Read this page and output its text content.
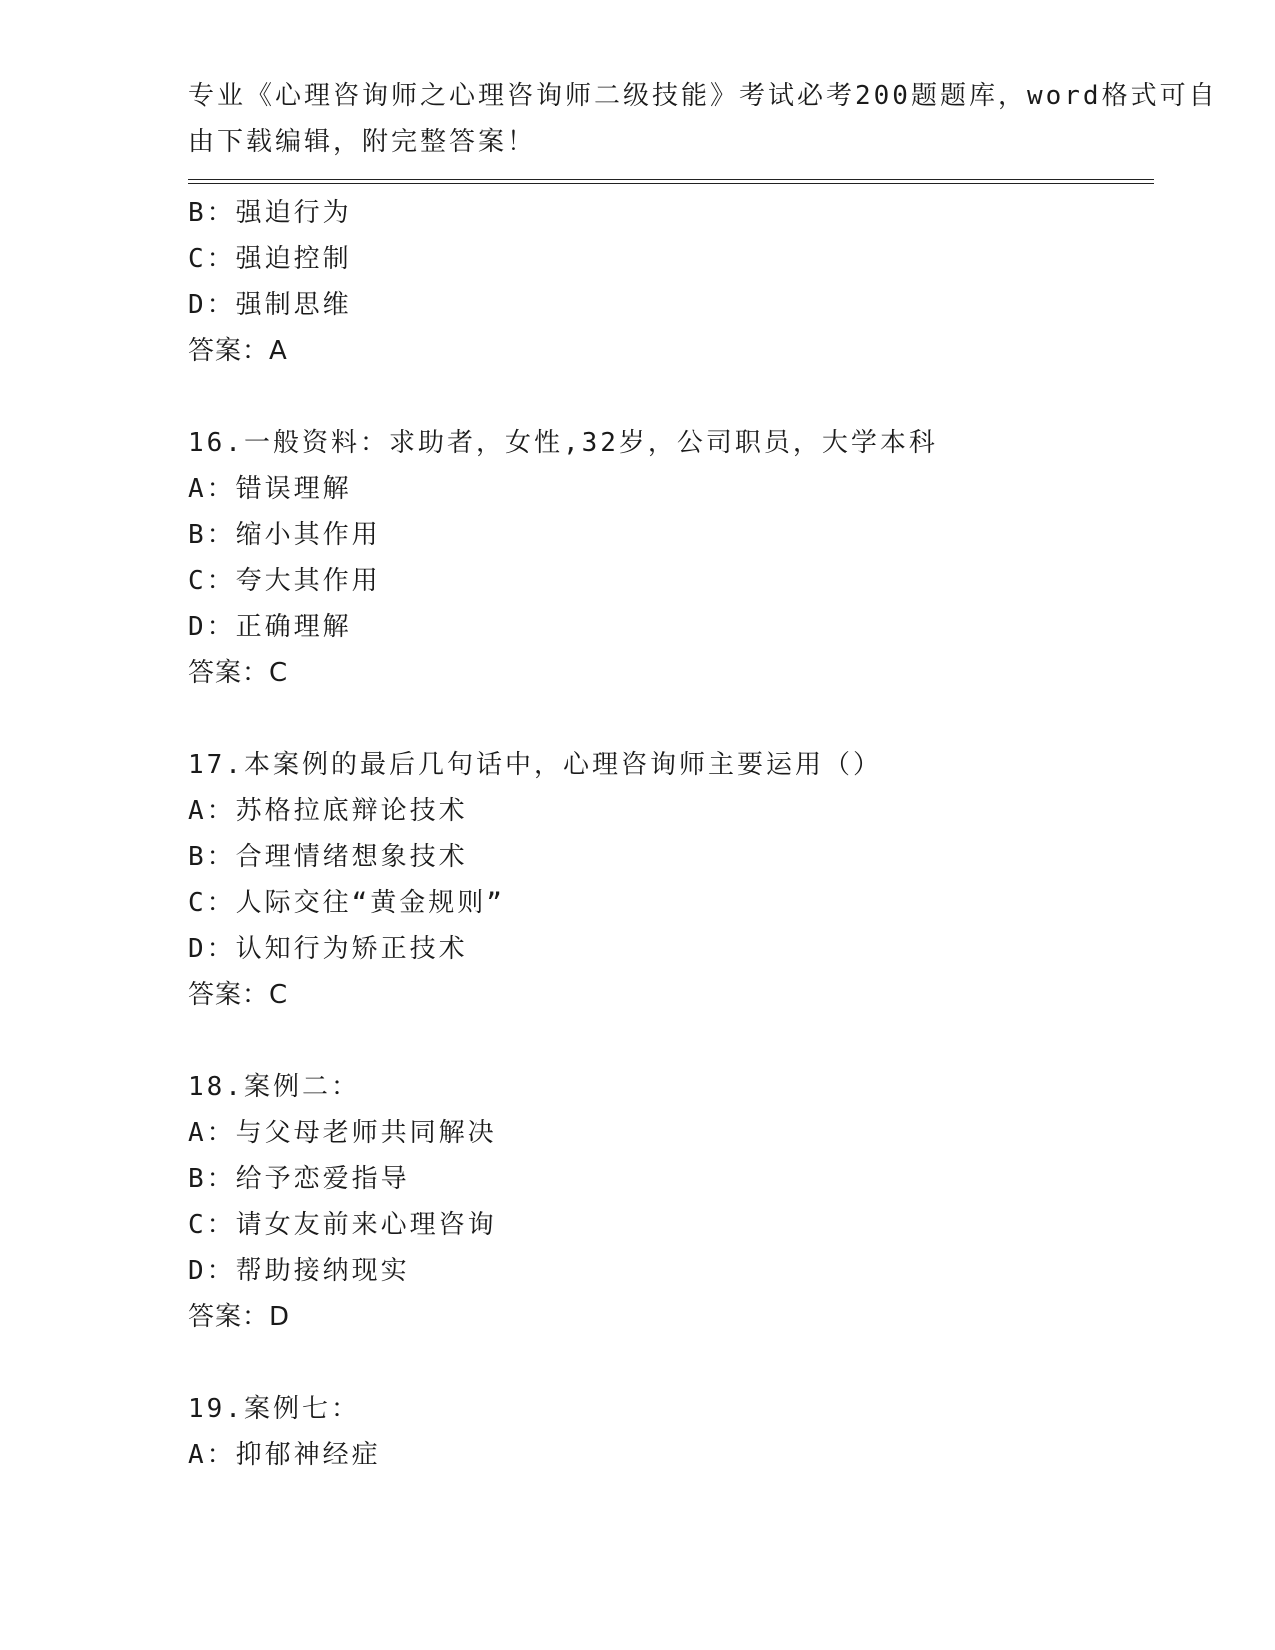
专业《心理咨询师之心理咨询师二级技能》考试必考200题题库，word格式可自
由下载编辑，附完整答案！
B：强迫行为
C：强迫控制
D：强制思维
答案：A
16.一般资料：求助者，女性,32岁，公司职员，大学本科
A：错误理解
B：缩小其作用
C：夸大其作用
D：正确理解
答案：C
17.本案例的最后几句话中，心理咨询师主要运用（）
A：苏格拉底辩论技术
B：合理情绪想象技术
C：人际交往“黄金规则”
D：认知行为矫正技术
答案：C
18.案例二：
A：与父母老师共同解决
B：给予恋爱指导
C：请女友前来心理咨询
D：帮助接纳现实
答案：D
19.案例七：
A：抑郁神经症
